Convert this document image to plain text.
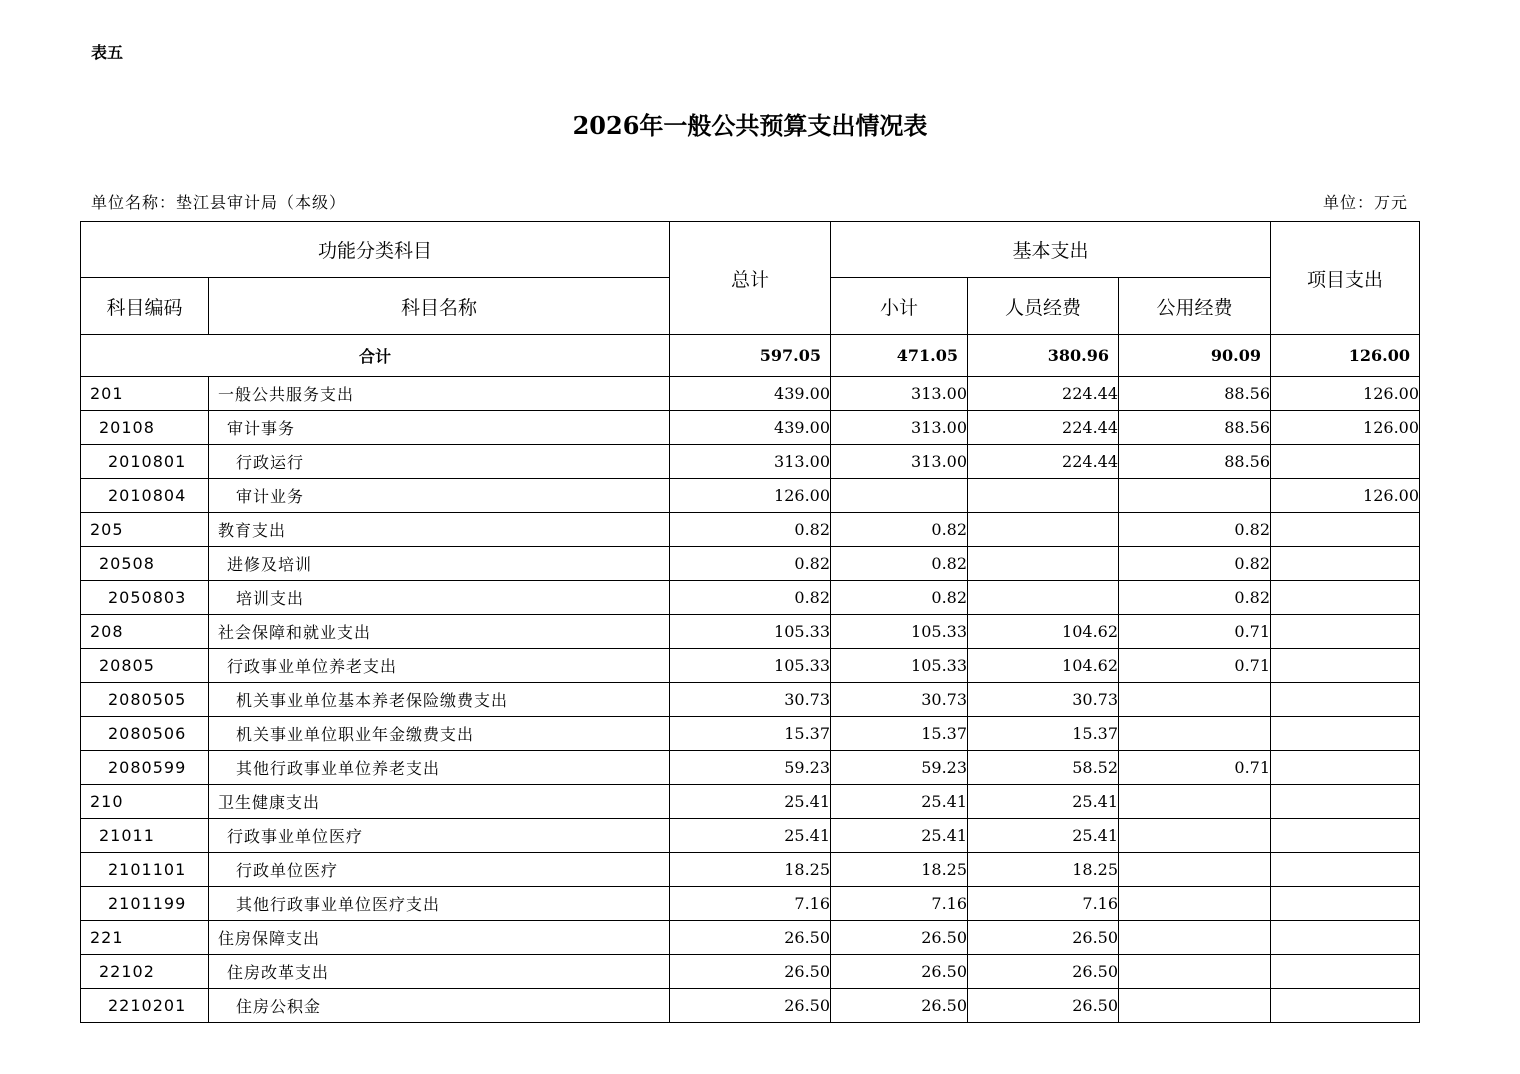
表五
2026年一般公共预算支出情况表
单位名称：垫江县审计局（本级）	单位：万元
功能分类科目		总计	基本支出			项目支出
科目编码	科目名称		小计	人员经费	公用经费	
合计		597.05	471.05	380.96	90.09	126.00
201	一般公共服务支出	439.00	313.00	224.44	88.56	126.00
20108	审计事务	439.00	313.00	224.44	88.56	126.00
2010801	行政运行	313.00	313.00	224.44	88.56	
2010804	审计业务	126.00				126.00
205	教育支出	0.82	0.82		0.82	
20508	进修及培训	0.82	0.82		0.82	
2050803	培训支出	0.82	0.82		0.82	
208	社会保障和就业支出	105.33	105.33	104.62	0.71	
20805	行政事业单位养老支出	105.33	105.33	104.62	0.71	
2080505	机关事业单位基本养老保险缴费支出	30.73	30.73	30.73		
2080506	机关事业单位职业年金缴费支出	15.37	15.37	15.37		
2080599	其他行政事业单位养老支出	59.23	59.23	58.52	0.71	
210	卫生健康支出	25.41	25.41	25.41		
21011	行政事业单位医疗	25.41	25.41	25.41		
2101101	行政单位医疗	18.25	18.25	18.25		
2101199	其他行政事业单位医疗支出	7.16	7.16	7.16		
221	住房保障支出	26.50	26.50	26.50		
22102	住房改革支出	26.50	26.50	26.50		
2210201	住房公积金	26.50	26.50	26.50		
